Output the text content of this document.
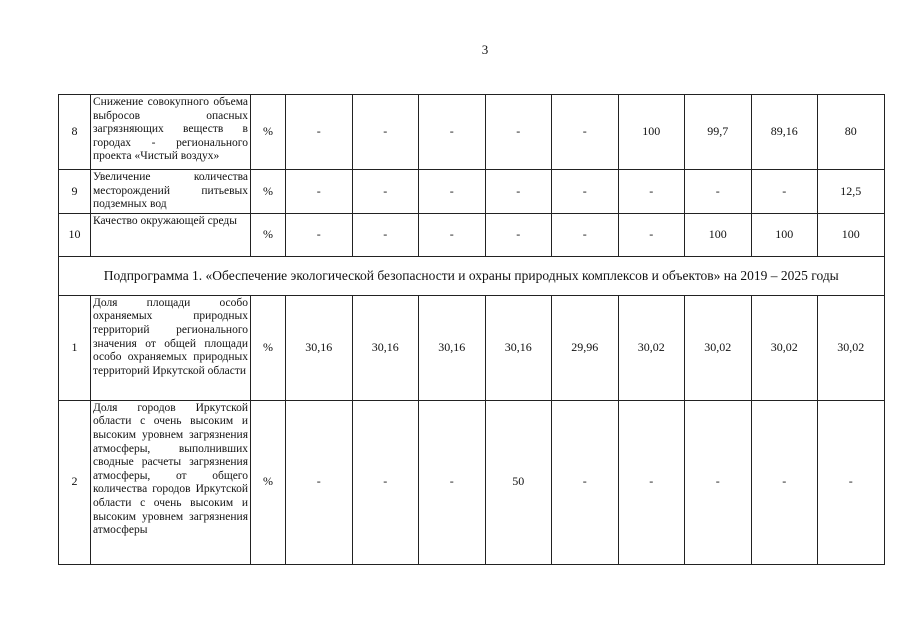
3
8	Снижение совокупного объема выбросов опасных загрязняющих веществ в городах - регионального проекта «Чистый воздух»	%	-	-	-	-	-	100	99,7	89,16	80
9	Увеличение количества месторождений питьевых подземных вод	%	-	-	-	-	-	-	-	-	12,5
10	Качество окружающей среды	%	-	-	-	-	-	-	100	100	100
Подпрограмма 1. «Обеспечение экологической безопасности и охраны природных комплексов и объектов» на 2019 – 2025 годы											
1	Доля площади особо охраняемых природных территорий регионального значения от общей площади особо охраняемых природных территорий Иркутской области	%	30,16	30,16	30,16	30,16	29,96	30,02	30,02	30,02	30,02
2	Доля городов Иркутской области с очень высоким и высоким уровнем загрязнения атмосферы, выполнивших сводные расчеты загрязнения атмосферы, от общего количества городов Иркутской области с очень высоким и высоким уровнем загрязнения атмосферы	%	-	-	-	50	-	-	-	-	-
